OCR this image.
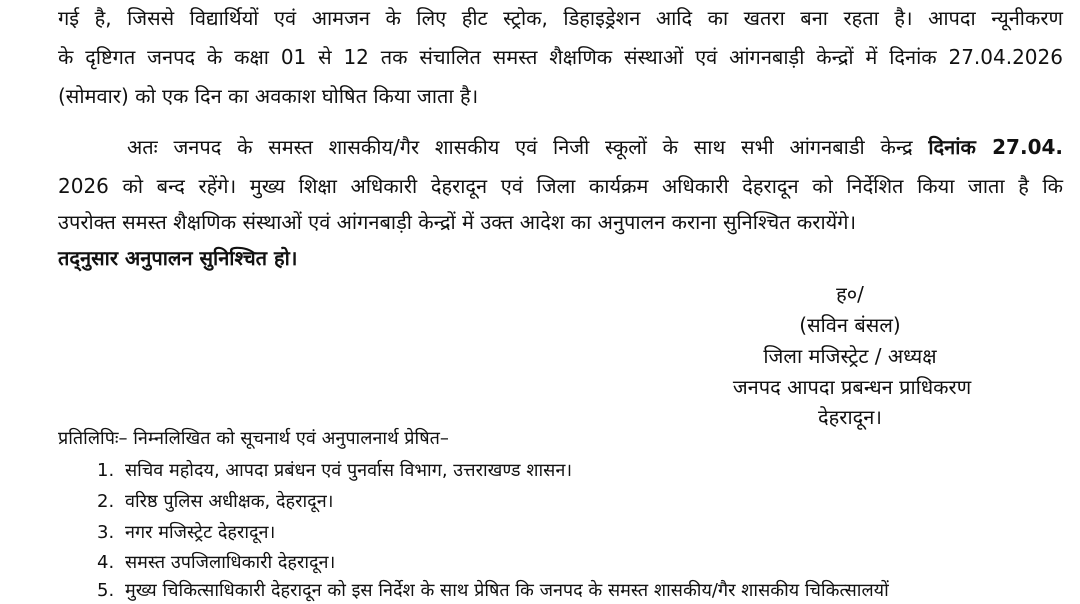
गई है, जिससे विद्यार्थियों एवं आमजन के लिए हीट स्ट्रोक, डिहाइड्रेशन आदि का खतरा बना रहता है। आपदा न्यूनीकरण
के दृष्टिगत जनपद के कक्षा 01 से 12 तक संचालित समस्त शैक्षणिक संस्थाओं एवं आंगनबाड़ी केन्द्रों में दिनांक 27.04.2026
(सोमवार) को एक दिन का अवकाश घोषित किया जाता है।
अतः जनपद के समस्त शासकीय/गैर शासकीय एवं निजी स्कूलों के साथ सभी आंगनबाडी केन्द्र दिनांक 27.04.
2026 को बन्द रहेंगे। मुख्य शिक्षा अधिकारी देहरादून एवं जिला कार्यक्रम अधिकारी देहरादून को निर्देशित किया जाता है कि
उपरोक्त समस्त शैक्षणिक संस्थाओं एवं आंगनबाड़ी केन्द्रों में उक्त आदेश का अनुपालन कराना सुनिश्चित करायेंगे।
तद्नुसार अनुपालन सुनिश्चित हो।
ह०/
(सविन बंसल)
जिला मजिस्ट्रेट / अध्यक्ष
जनपद आपदा प्रबन्धन प्राधिकरण
देहरादून।
प्रतिलिपिः– निम्नलिखित को सूचनार्थ एवं अनुपालनार्थ प्रेषित–
1. सचिव महोदय, आपदा प्रबंधन एवं पुनर्वास विभाग, उत्तराखण्ड शासन।
2. वरिष्ठ पुलिस अधीक्षक, देहरादून।
3. नगर मजिस्ट्रेट देहरादून।
4. समस्त उपजिलाधिकारी देहरादून।
5. मुख्य चिकित्साधिकारी देहरादून को इस निर्देश के साथ प्रेषित कि जनपद के समस्त शासकीय/गैर शासकीय चिकित्सालयों
